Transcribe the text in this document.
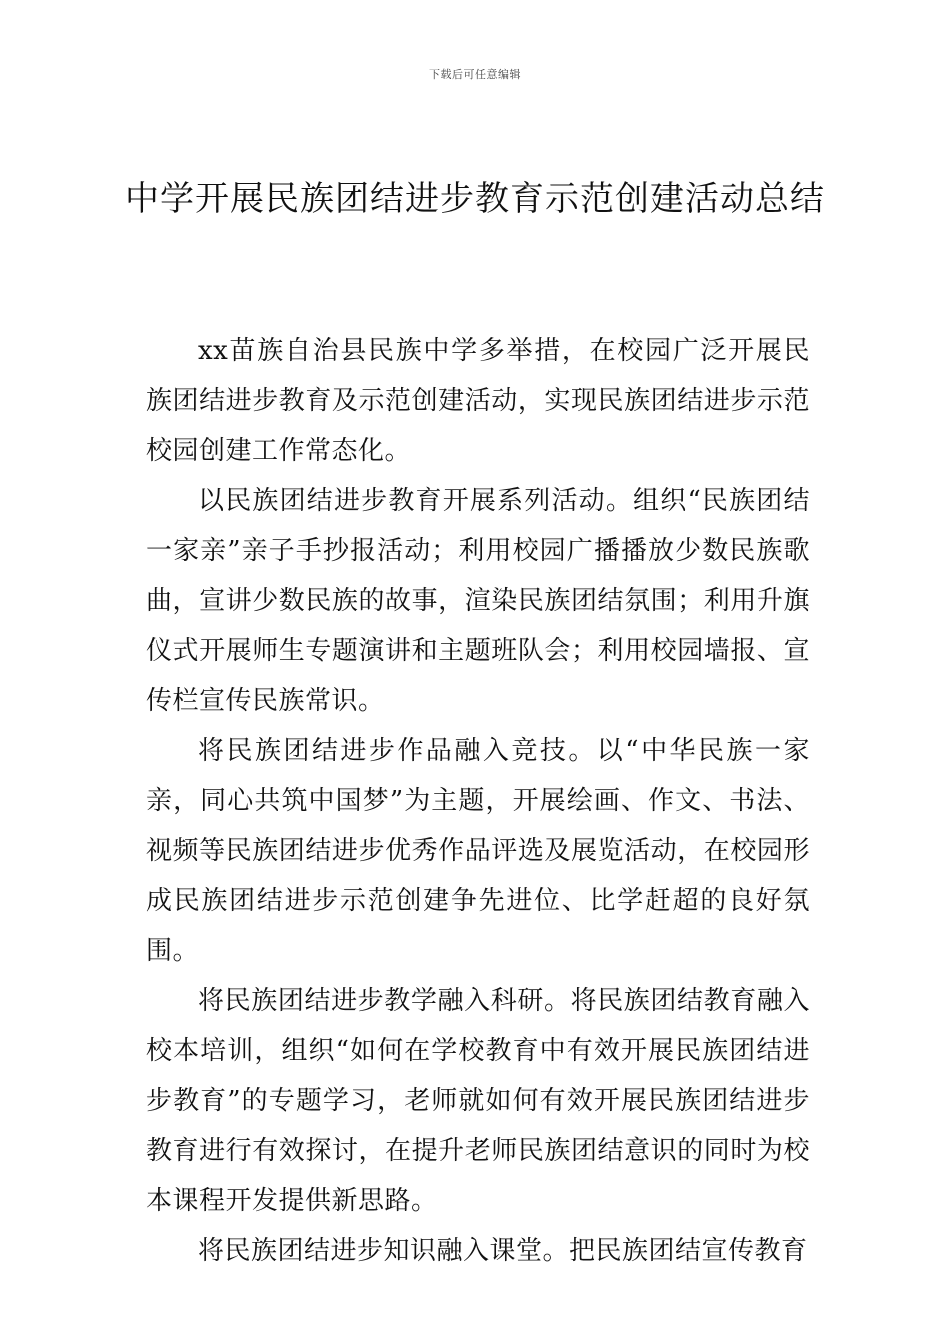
下载后可任意编辑
中学开展民族团结进步教育示范创建活动总结

xx苗族自治县民族中学多举措，在校园广泛开展民族团结进步教育及示范创建活动，实现民族团结进步示范校园创建工作常态化。

以民族团结进步教育开展系列活动。组织“民族团结一家亲”亲子手抄报活动；利用校园广播播放少数民族歌曲，宣讲少数民族的故事，渲染民族团结氛围；利用升旗仪式开展师生专题演讲和主题班队会；利用校园墙报、宣传栏宣传民族常识。

将民族团结进步作品融入竞技。以“中华民族一家亲，同心共筑中国梦”为主题，开展绘画、作文、书法、视频等民族团结进步优秀作品评选及展览活动，在校园形成民族团结进步示范创建争先进位、比学赶超的良好氛围。

将民族团结进步教学融入科研。将民族团结教育融入校本培训，组织“如何在学校教育中有效开展民族团结进步教育”的专题学习，老师就如何有效开展民族团结进步教育进行有效探讨，在提升老师民族团结意识的同时为校本课程开发提供新思路。

将民族团结进步知识融入课堂。把民族团结宣传教育
